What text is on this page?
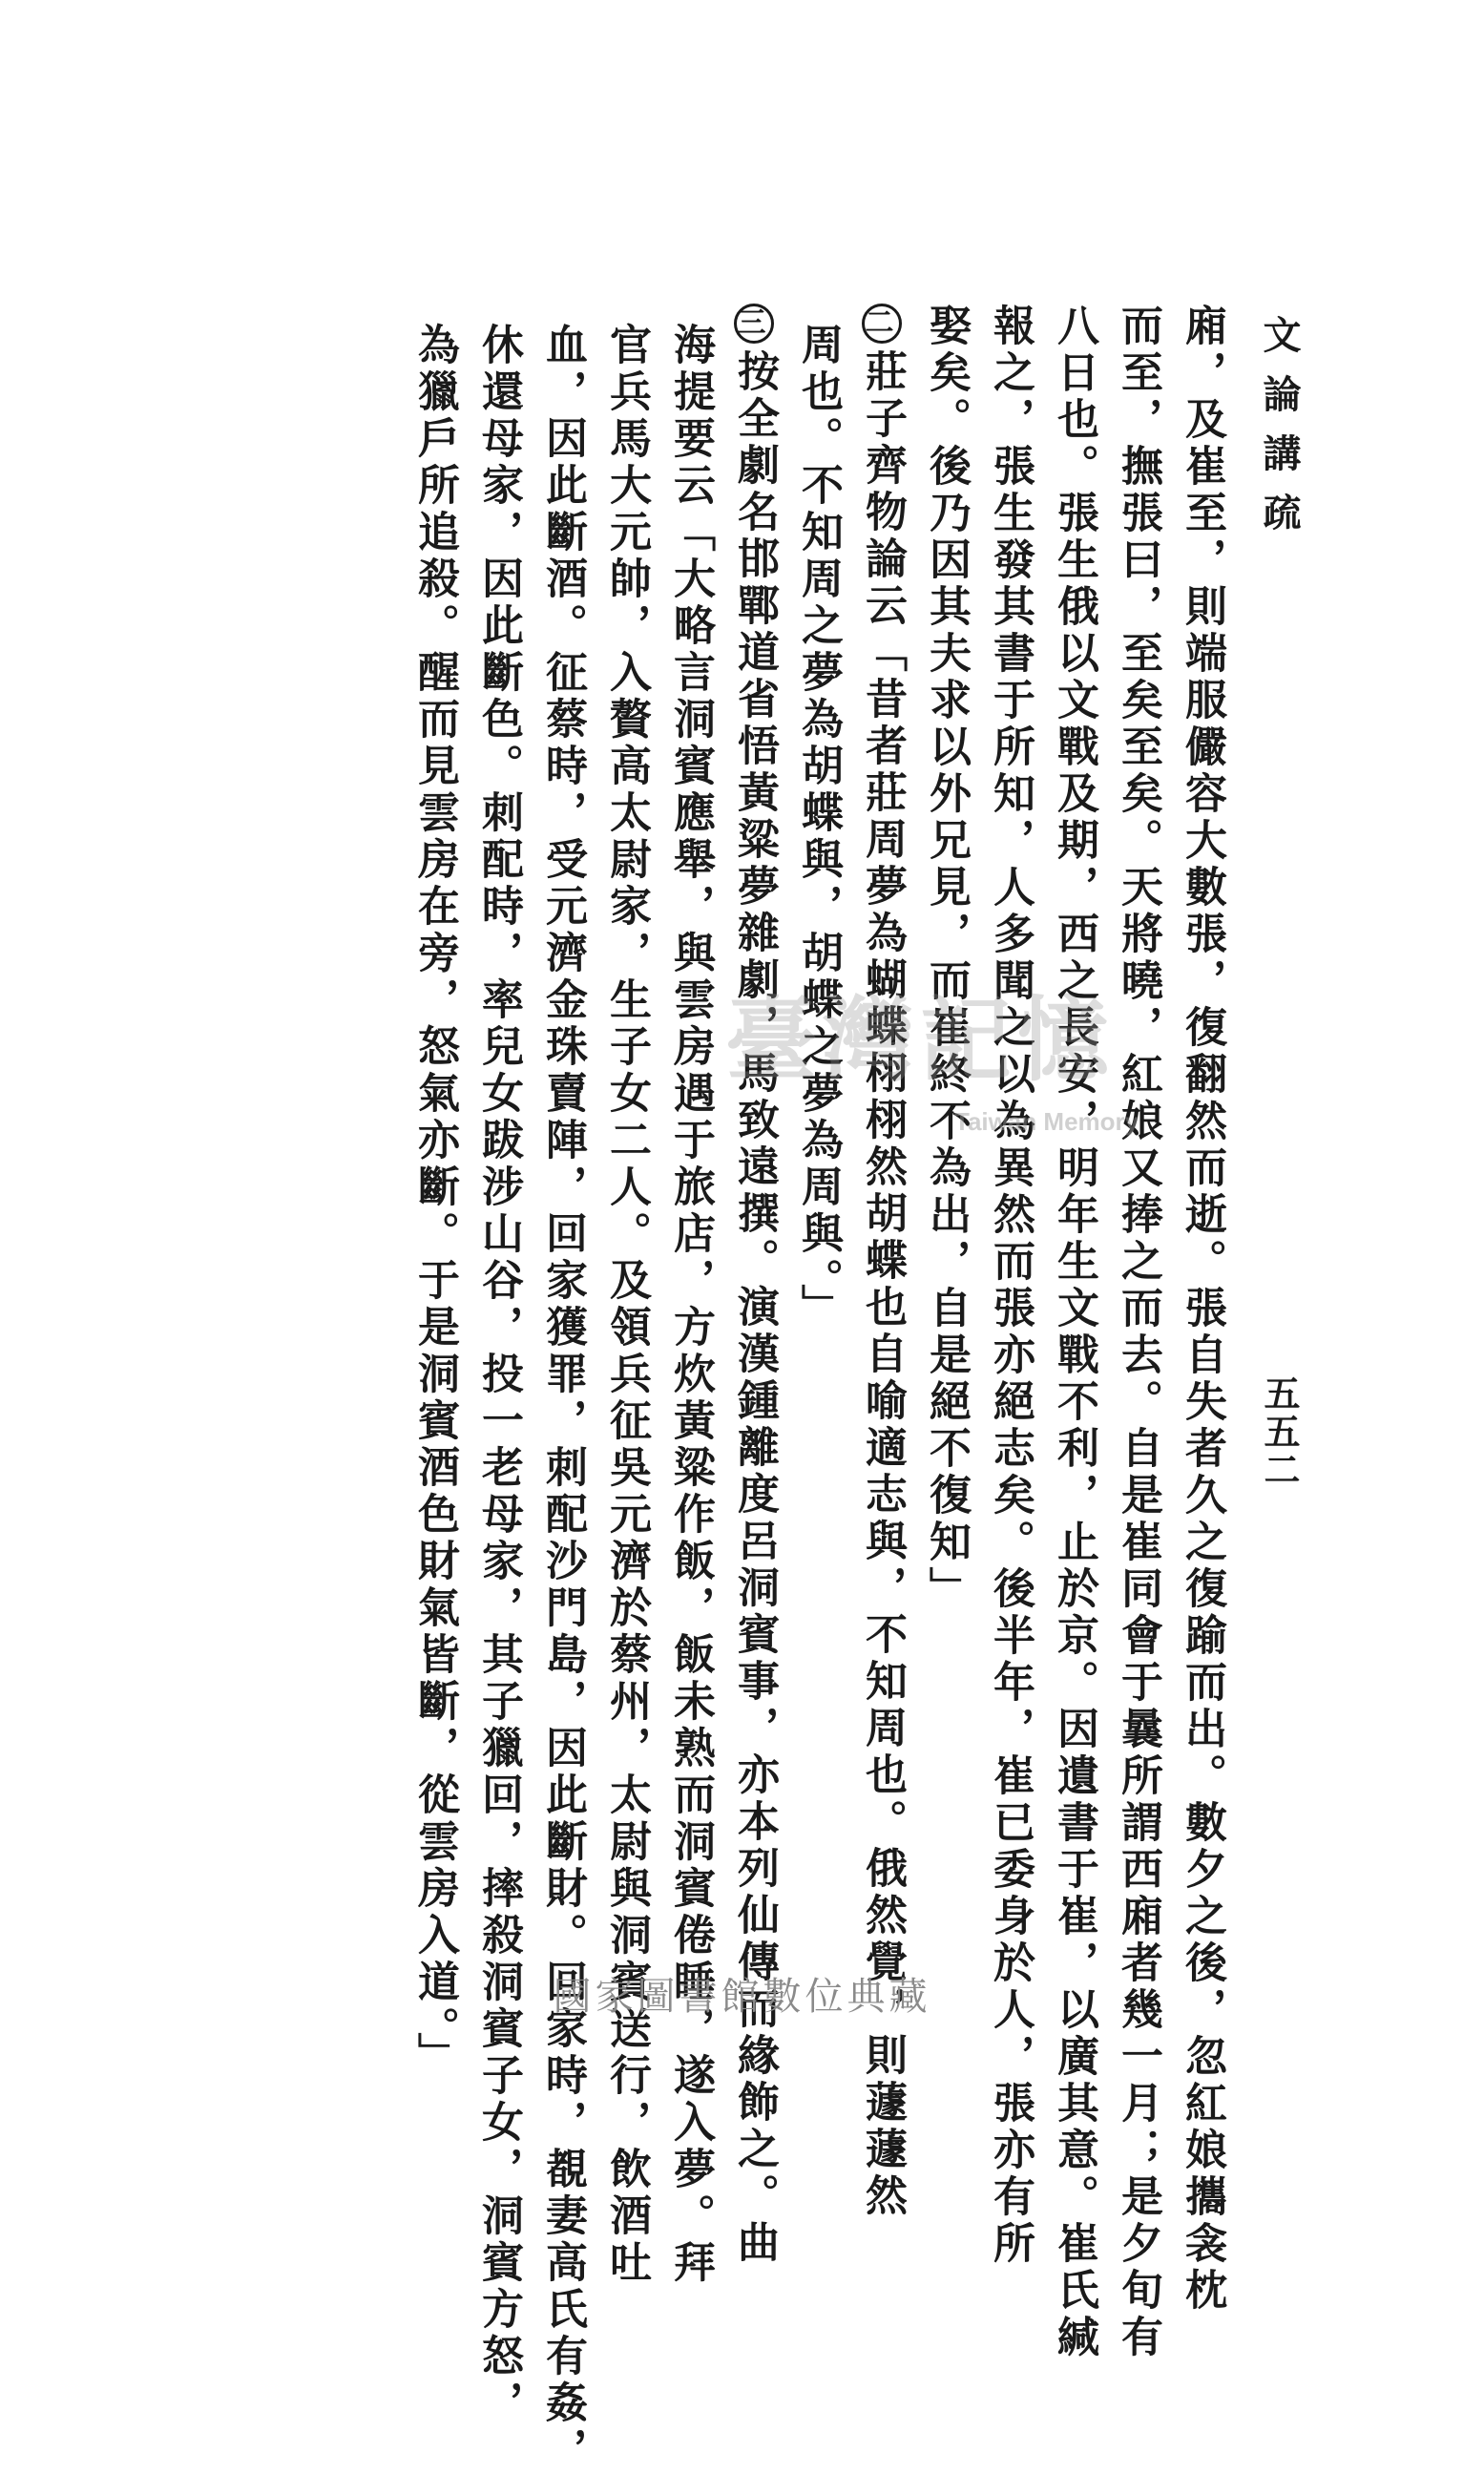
文論講疏
五五二
廂，及崔至，則端服儼容大數張，復翻然而逝。張自失者久之復踰而出。數夕之後，忽紅娘攜衾枕
而至，撫張曰，至矣至矣。天將曉，紅娘又捧之而去。自是崔同會于曩所謂西廂者幾一月；是夕旬有
八日也。張生俄以文戰及期，西之長安，明年生文戰不利，止於京。因遺書于崔，以廣其意。崔氏緘
報之，張生發其書于所知，人多聞之以為異然而張亦絕志矣。後半年，崔已委身於人，張亦有所
娶矣。後乃因其夫求以外兄見，而崔終不為出，自是絕不復知」
二莊子齊物論云「昔者莊周夢為蝴蝶栩栩然胡蝶也自喻適志與，不知周也。俄然覺，則蘧蘧然
周也。不知周之夢為胡蝶與，胡蝶之夢為周與。」
三按全劇名邯鄲道省悟黃粱夢雜劇，馬致遠撰。演漢鍾離度呂洞賓事，亦本列仙傳而緣飾之。曲
海提要云「大略言洞賓應舉，與雲房遇于旅店，方炊黃粱作飯，飯未熟而洞賓倦睡，遂入夢。拜
官兵馬大元帥，入贅高太尉家，生子女二人。及領兵征吳元濟於蔡州，太尉與洞賓送行，飲酒吐
血，因此斷酒。征蔡時，受元濟金珠賣陣，回家獲罪，刺配沙門島，因此斷財。回家時，覩妻高氏有姦，
休還母家，因此斷色。刺配時，率兒女跋涉山谷，投一老母家，其子獵回，摔殺洞賓子女，洞賓方怒，
為獵戶所追殺。醒而見雲房在旁，怒氣亦斷。于是洞賓酒色財氣皆斷，從雲房入道。」	臺灣記憶
Taiwan Memory
國家圖書館數位典藏
